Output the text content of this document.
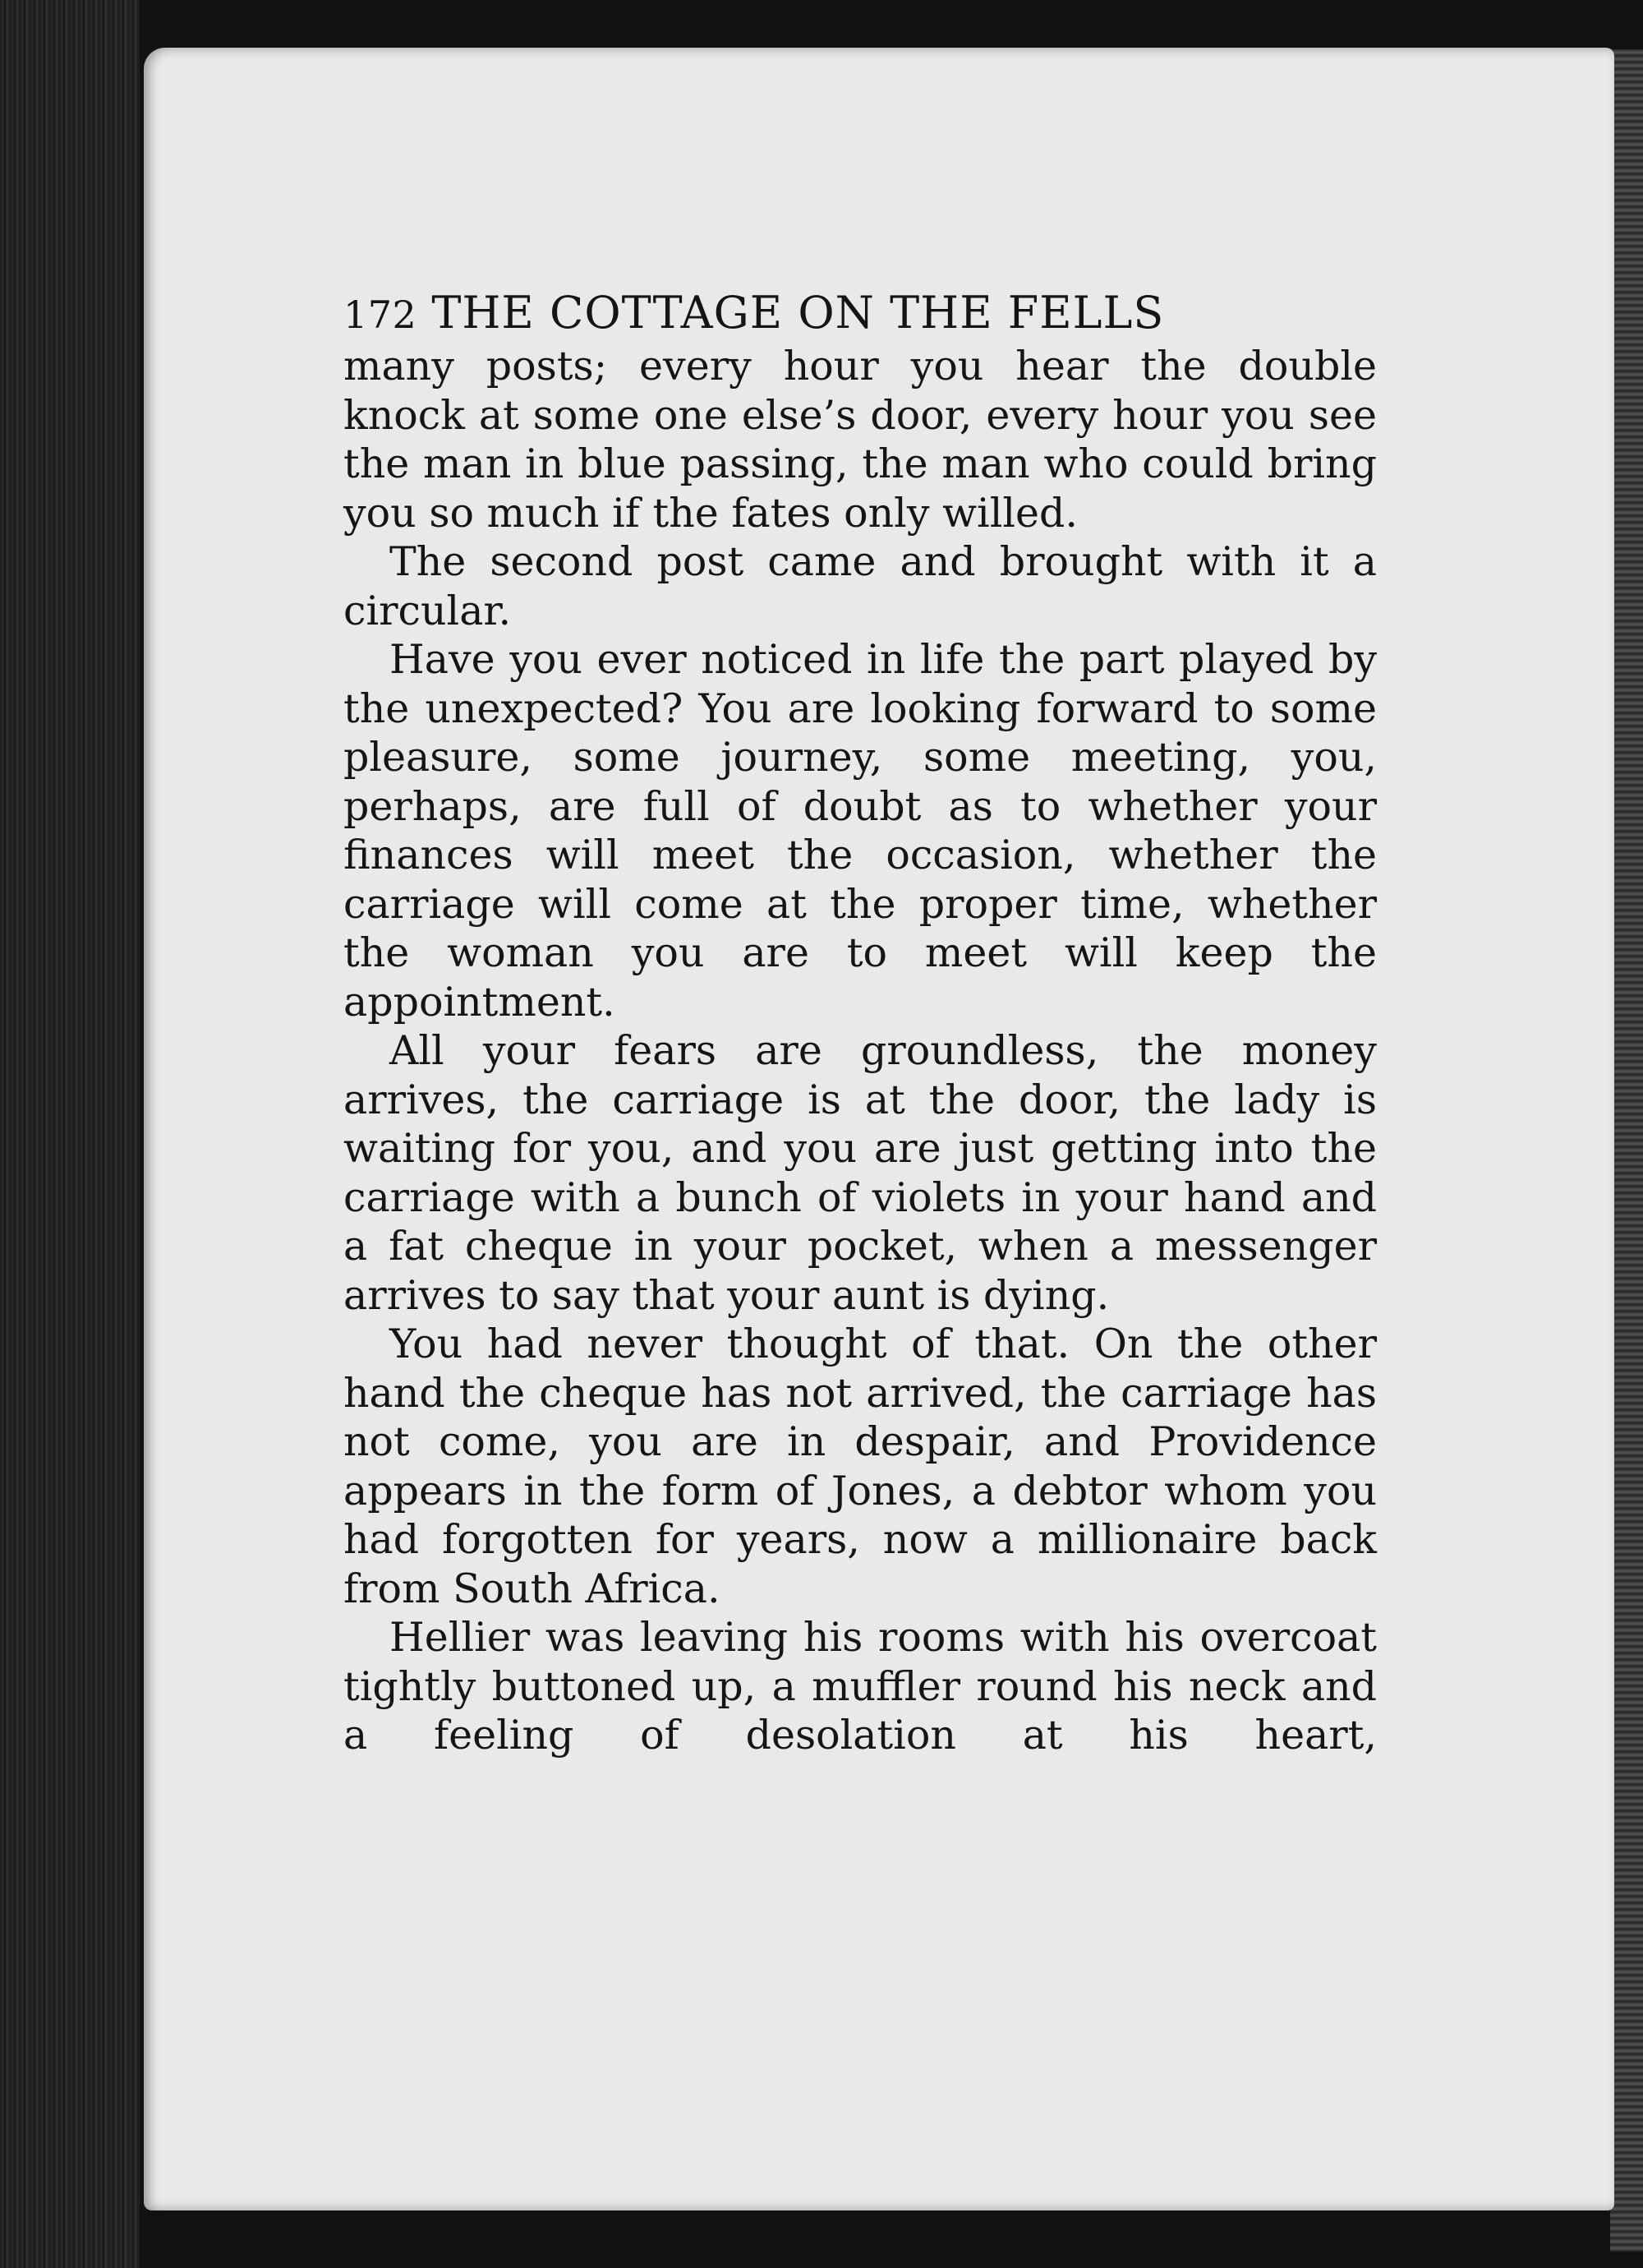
172 THE COTTAGE ON THE FELLS

many posts; every hour you hear the double knock at some one else’s door, every hour you see the man in blue passing, the man who could bring you so much if the fates only willed.

The second post came and brought with it a circular.

Have you ever noticed in life the part played by the unexpected? You are looking forward to some pleasure, some journey, some meeting, you, perhaps, are full of doubt as to whether your finances will meet the occasion, whether the carriage will come at the proper time, whether the woman you are to meet will keep the appointment.

All your fears are groundless, the money arrives, the carriage is at the door, the lady is waiting for you, and you are just getting into the carriage with a bunch of violets in your hand and a fat cheque in your pocket, when a messenger arrives to say that your aunt is dying.

You had never thought of that. On the other hand the cheque has not arrived, the carriage has not come, you are in despair, and Providence appears in the form of Jones, a debtor whom you had forgotten for years, now a millionaire back from South Africa.

Hellier was leaving his rooms with his overcoat tightly buttoned up, a muffler round his neck and a feeling of desolation at his heart,
